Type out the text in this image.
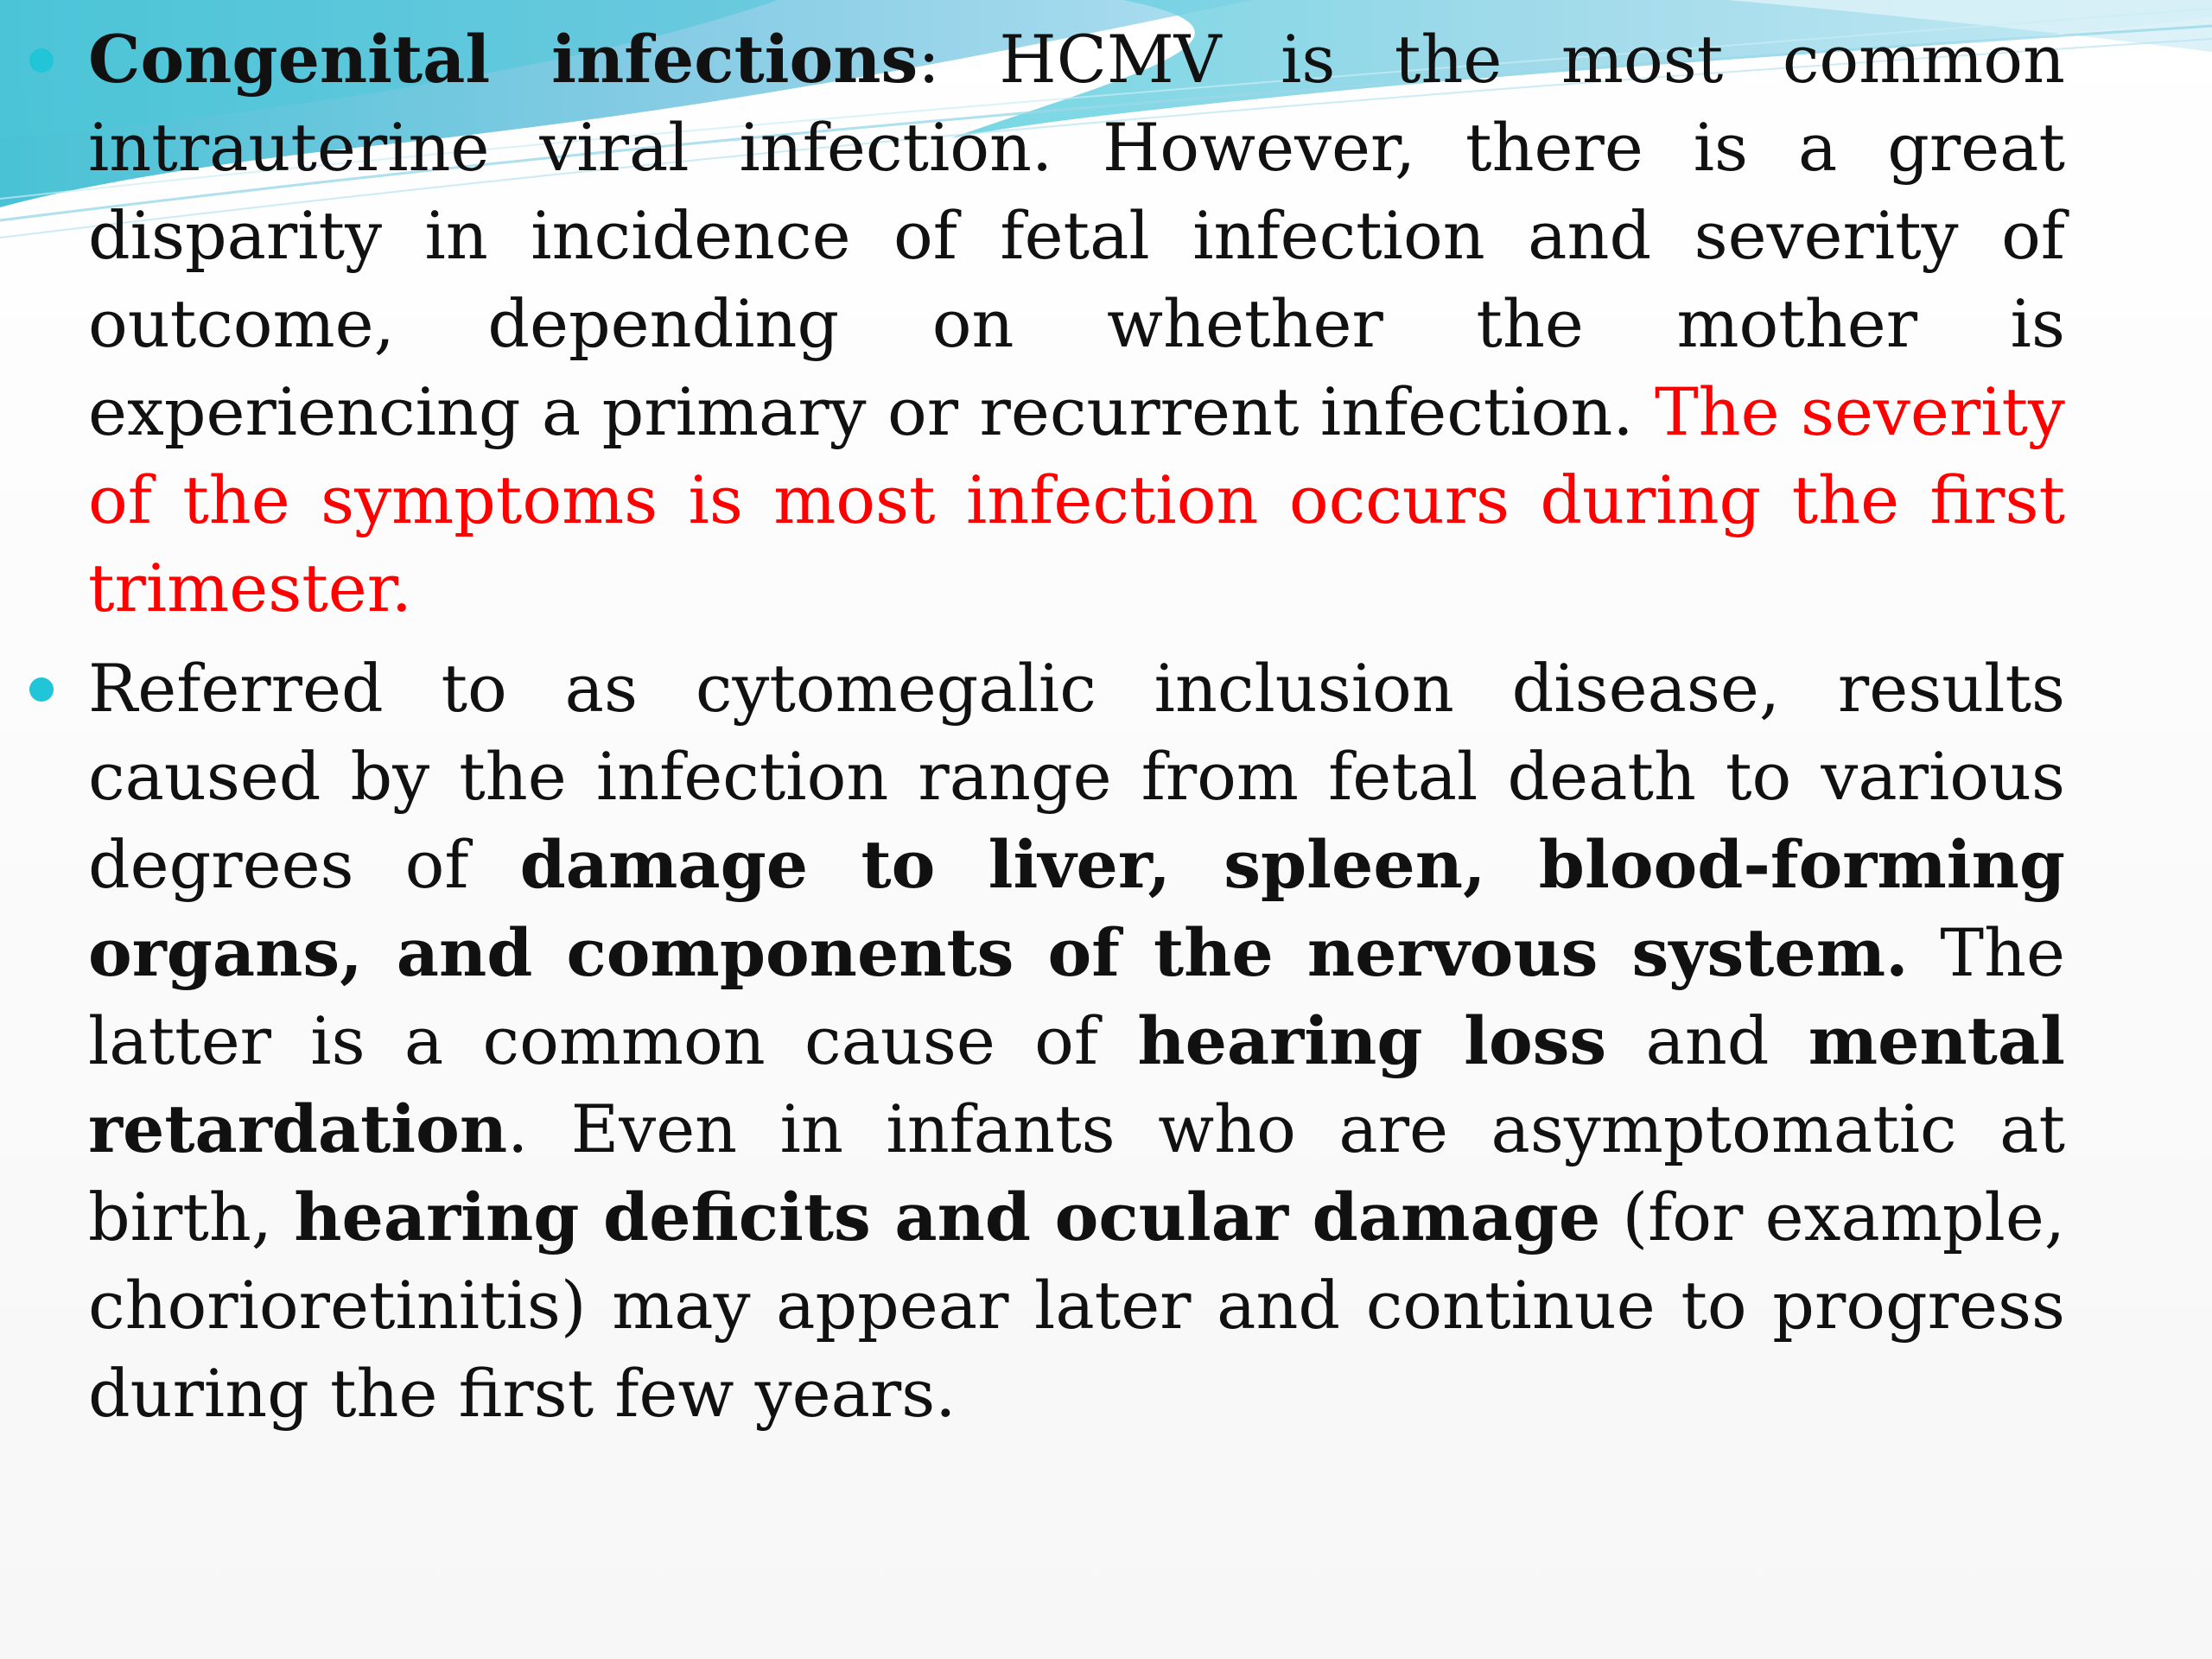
Congenital infections: HCMV is the most common intrauterine viral infection. However, there is a great disparity in incidence of fetal infection and severity of outcome, depending on whether the mother is experiencing a primary or recurrent infection. The severity of the symptoms is most infection occurs during the first trimester.
Referred to as cytomegalic inclusion disease, results caused by the infection range from fetal death to various degrees of damage to liver, spleen, blood-forming organs, and components of the nervous system. The latter is a common cause of hearing loss and mental retardation. Even in infants who are asymptomatic at birth, hearing deficits and ocular damage (for example, chorioretinitis) may appear later and continue to progress during the first few years.
